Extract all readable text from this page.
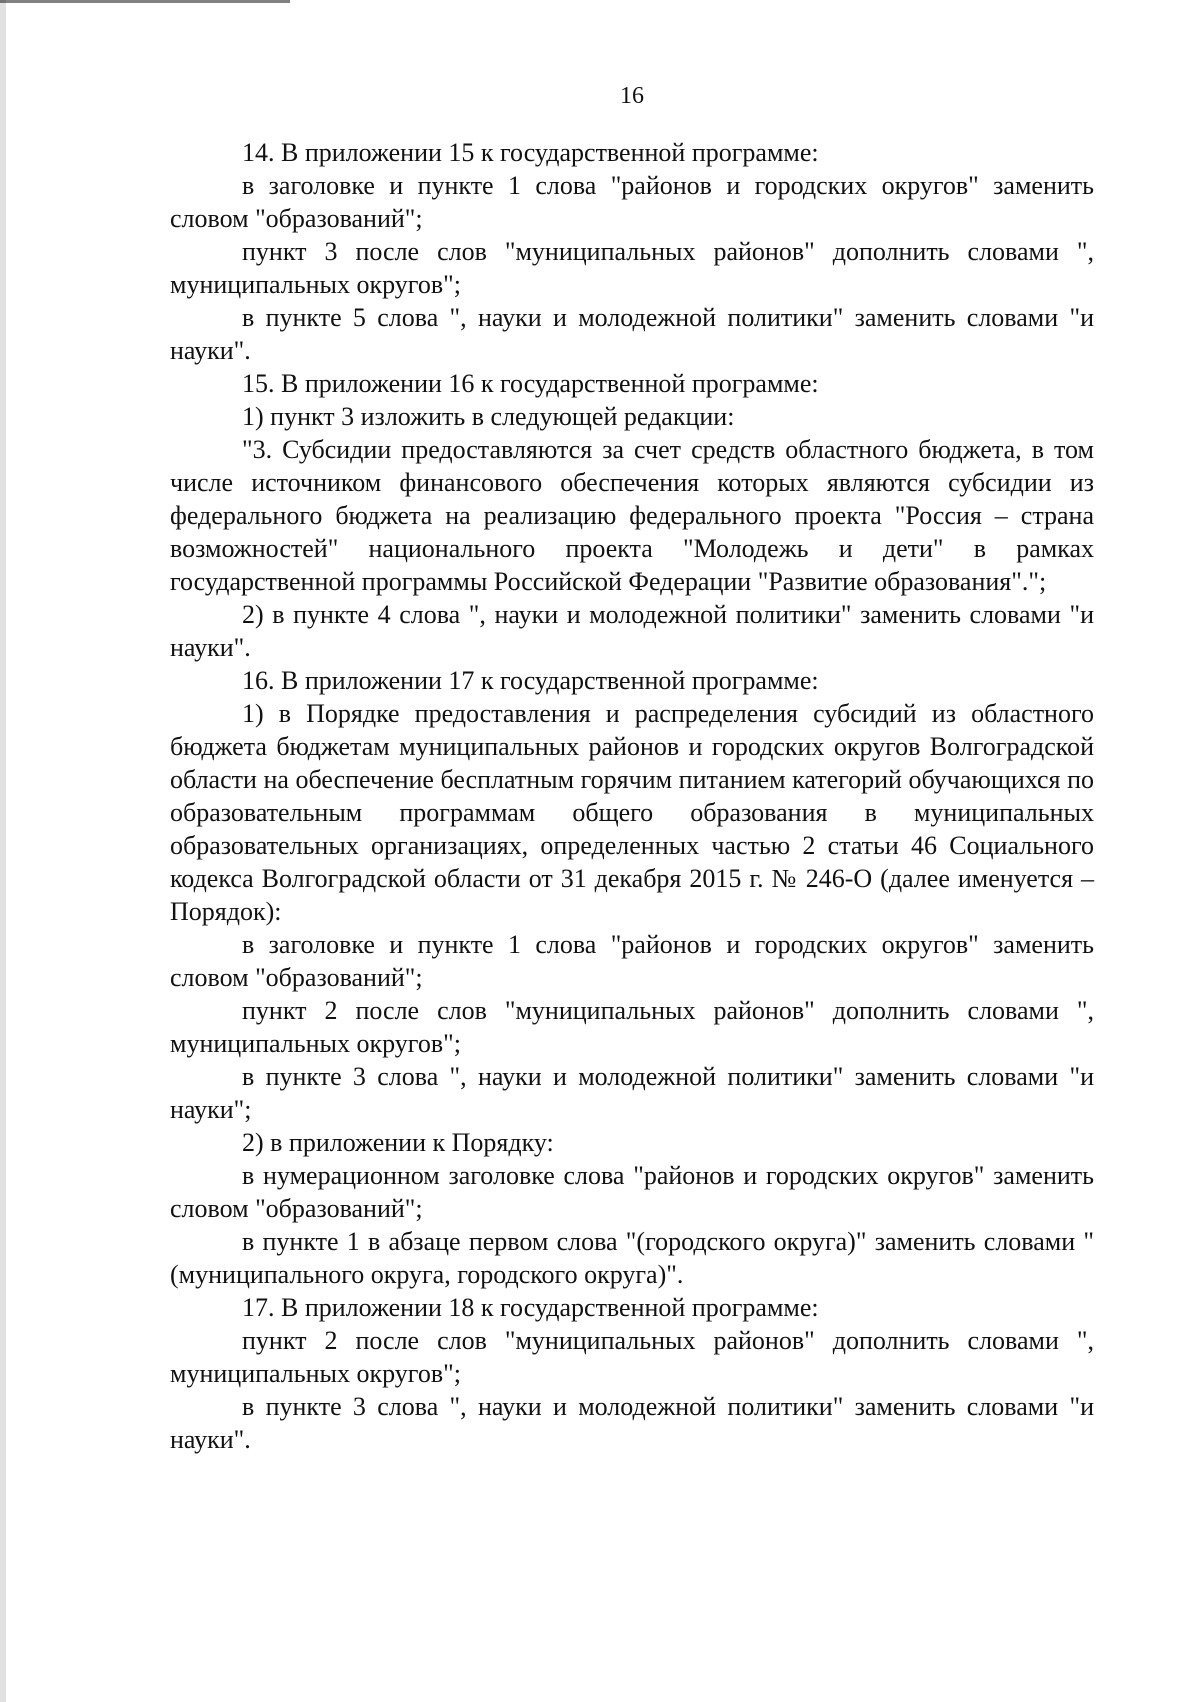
16

14. В приложении 15 к государственной программе:

в заголовке и пункте 1 слова "районов и городских округов" заменить словом "образований";

пункт 3 после слов "муниципальных районов" дополнить словами ", муниципальных округов";

в пункте 5 слова ", науки и молодежной политики" заменить словами "и науки".

15. В приложении 16 к государственной программе:

1) пункт 3 изложить в следующей редакции:

"3. Субсидии предоставляются за счет средств областного бюджета, в том числе источником финансового обеспечения которых являются субсидии из федерального бюджета на реализацию федерального проекта "Россия – страна возможностей" национального проекта "Молодежь и дети" в рамках государственной программы Российской Федерации "Развитие образования".";

2) в пункте 4 слова ", науки и молодежной политики" заменить словами "и науки".

16. В приложении 17 к государственной программе:

1) в Порядке предоставления и распределения субсидий из областного бюджета бюджетам муниципальных районов и городских округов Волгоградской области на обеспечение бесплатным горячим питанием категорий обучающихся по образовательным программам общего образования в муниципальных образовательных организациях, определенных частью 2 статьи 46 Социального кодекса Волгоградской области от 31 декабря 2015 г. № 246-О (далее именуется – Порядок):

в заголовке и пункте 1 слова "районов и городских округов" заменить словом "образований";

пункт 2 после слов "муниципальных районов" дополнить словами ", муниципальных округов";

в пункте 3 слова ", науки и молодежной политики" заменить словами "и науки";

2) в приложении к Порядку:

в нумерационном заголовке слова "районов и городских округов" заменить словом "образований";

в пункте 1 в абзаце первом слова "(городского округа)" заменить словами "(муниципального округа, городского округа)".

17. В приложении 18 к государственной программе:

пункт 2 после слов "муниципальных районов" дополнить словами ", муниципальных округов";

в пункте 3 слова ", науки и молодежной политики" заменить словами "и науки".
